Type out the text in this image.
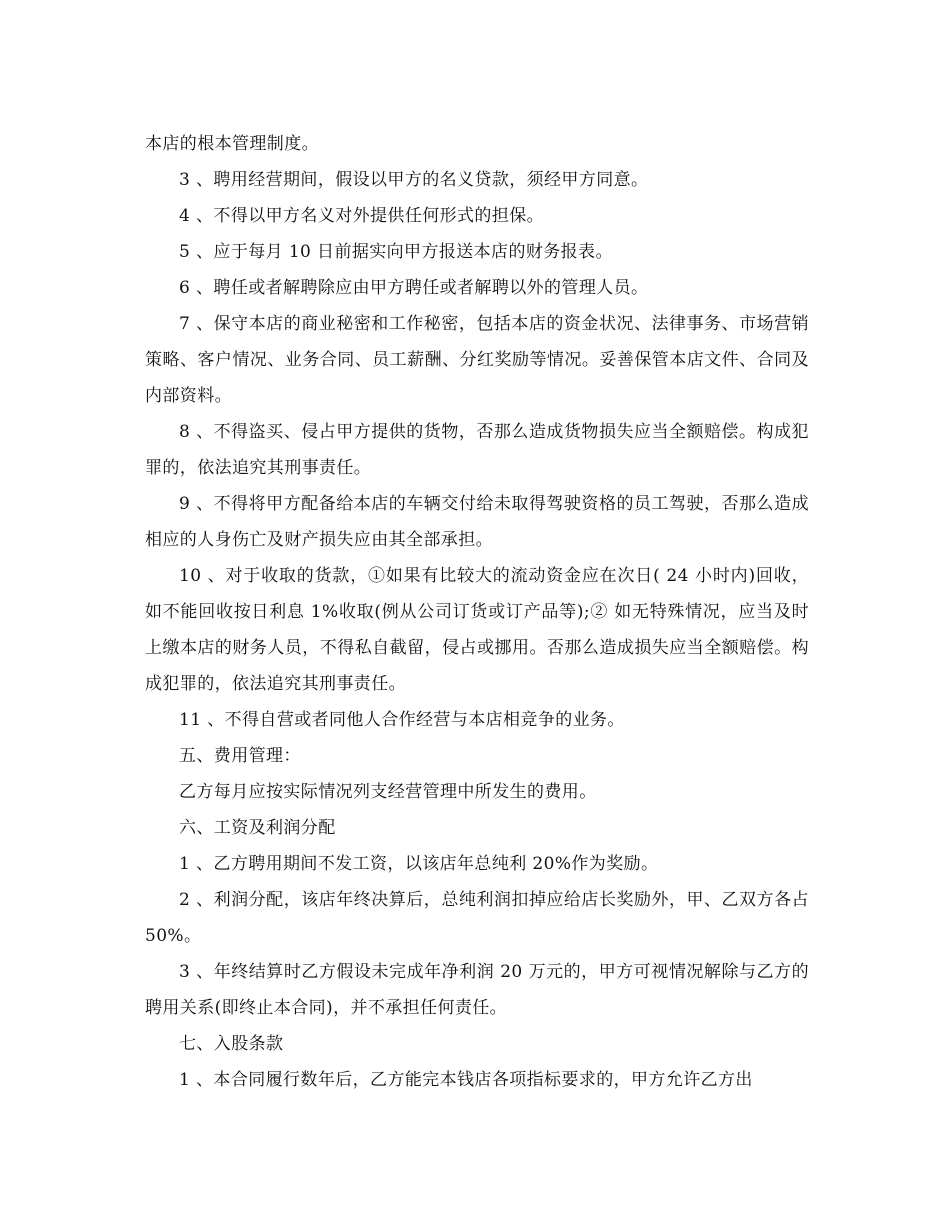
本店的根本管理制度。

3 、聘用经营期间，假设以甲方的名义贷款，须经甲方同意。

4 、不得以甲方名义对外提供任何形式的担保。

5 、应于每月 10 日前据实向甲方报送本店的财务报表。

6 、聘任或者解聘除应由甲方聘任或者解聘以外的管理人员。

7 、保守本店的商业秘密和工作秘密，包括本店的资金状况、法律事务、市场营销策略、客户情况、业务合同、员工薪酬、分红奖励等情况。妥善保管本店文件、合同及内部资料。

8 、不得盗买、侵占甲方提供的货物，否那么造成货物损失应当全额赔偿。构成犯罪的，依法追究其刑事责任。

9 、不得将甲方配备给本店的车辆交付给未取得驾驶资格的员工驾驶，否那么造成相应的人身伤亡及财产损失应由其全部承担。

10 、对于收取的货款，①如果有比较大的流动资金应在次日( 24 小时内)回收，如不能回收按日利息 1%收取(例从公司订货或订产品等);② 如无特殊情况，应当及时上缴本店的财务人员，不得私自截留，侵占或挪用。否那么造成损失应当全额赔偿。构成犯罪的，依法追究其刑事责任。

11 、不得自营或者同他人合作经营与本店相竞争的业务。

五、费用管理：

乙方每月应按实际情况列支经营管理中所发生的费用。

六、工资及利润分配

1 、乙方聘用期间不发工资，以该店年总纯利 20%作为奖励。

2 、利润分配，该店年终决算后，总纯利润扣掉应给店长奖励外，甲、乙双方各占 50%。

3 、年终结算时乙方假设未完成年净利润 20 万元的，甲方可视情况解除与乙方的聘用关系(即终止本合同)，并不承担任何责任。

七、入股条款

1 、本合同履行数年后，乙方能完本钱店各项指标要求的，甲方允许乙方出
